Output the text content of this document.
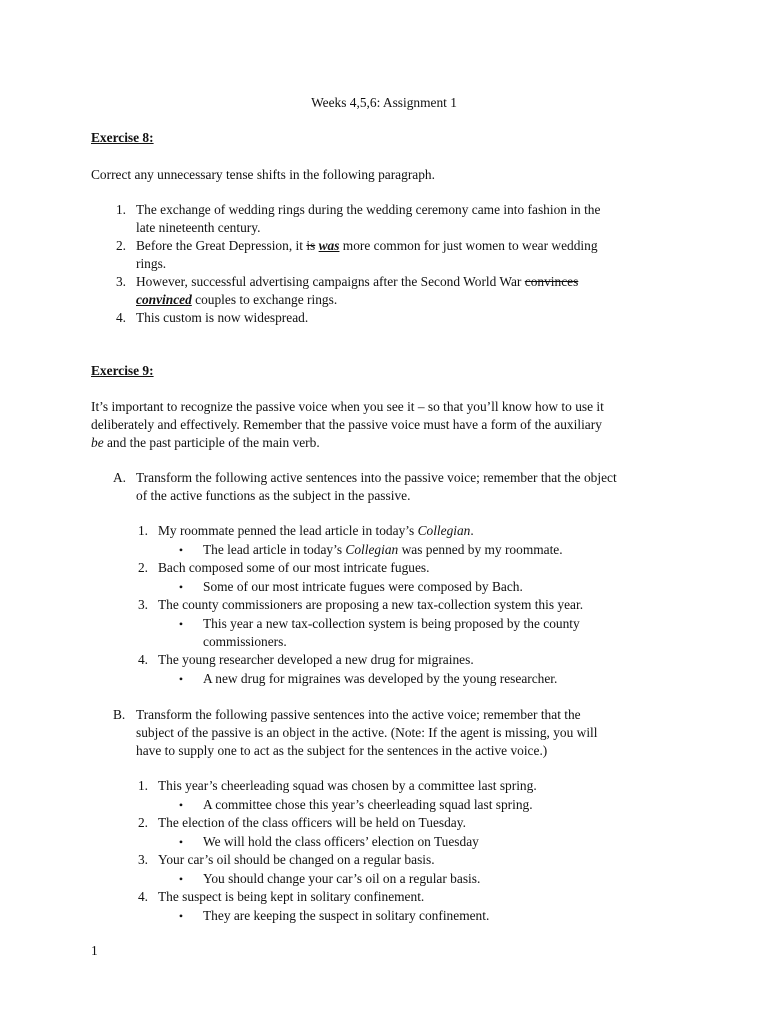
Weeks 4,5,6: Assignment 1
Exercise 8:
Correct any unnecessary tense shifts in the following paragraph.
1. The exchange of wedding rings during the wedding ceremony came into fashion in the
late nineteenth century.
2. Before the Great Depression, it is was more common for just women to wear wedding
rings.
3. However, successful advertising campaigns after the Second World War convinces
convinced couples to exchange rings.
4. This custom is now widespread.
Exercise 9:
It’s important to recognize the passive voice when you see it – so that you’ll know how to use it
deliberately and effectively. Remember that the passive voice must have a form of the auxiliary
be and the past participle of the main verb.
A. Transform the following active sentences into the passive voice; remember that the object
of the active functions as the subject in the passive.
1. My roommate penned the lead article in today’s Collegian.
• The lead article in today’s Collegian was penned by my roommate.
2. Bach composed some of our most intricate fugues.
• Some of our most intricate fugues were composed by Bach.
3. The county commissioners are proposing a new tax-collection system this year.
• This year a new tax-collection system is being proposed by the county
commissioners.
4. The young researcher developed a new drug for migraines.
• A new drug for migraines was developed by the young researcher.
B. Transform the following passive sentences into the active voice; remember that the
subject of the passive is an object in the active. (Note: If the agent is missing, you will
have to supply one to act as the subject for the sentences in the active voice.)
1. This year’s cheerleading squad was chosen by a committee last spring.
• A committee chose this year’s cheerleading squad last spring.
2. The election of the class officers will be held on Tuesday.
• We will hold the class officers’ election on Tuesday
3. Your car’s oil should be changed on a regular basis.
• You should change your car’s oil on a regular basis.
4. The suspect is being kept in solitary confinement.
• They are keeping the suspect in solitary confinement.
1
